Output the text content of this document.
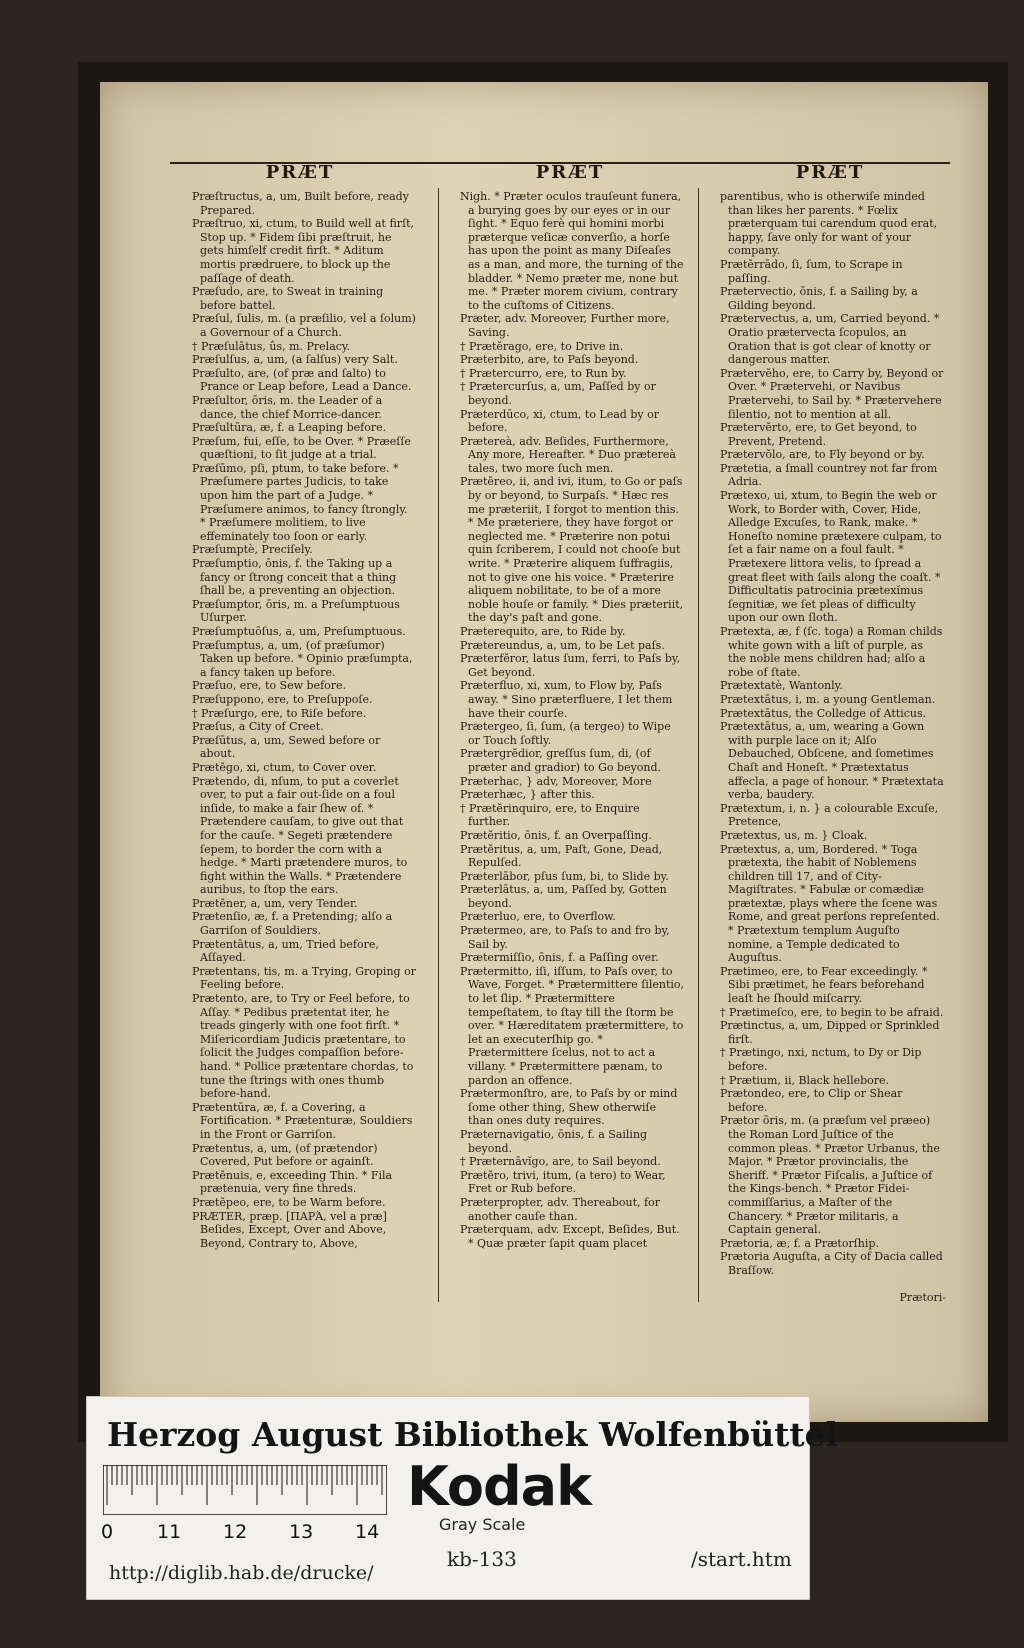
PRÆT	PRÆT	PRÆT

Præſtructus, a, um, Built before, ready Prepared.

Præſtruo, xi, ctum, to Build well at firſt, Stop up. * Fidem ſibi præſtruit, he gets himſelf credit firſt. * Aditum mortis prædruere, to block up the paſſage of death.

Præſudo, are, to Sweat in training before battel.

Præſul, ſulis, m. (a præſilio, vel a ſolum) a Governour of a Church.

† Præſulātus, ûs, m. Prelacy.

Præſulſus, a, um, (a ſalſus) very Salt.

Præſulto, are, (of præ and ſalto) to Prance or Leap before, Lead a Dance.

Præſultor, ōris, m. the Leader of a dance, the chief Morrice-dancer.

Præſultūra, æ, f. a Leaping before.

Præſum, fui, eſſe, to be Over. * Præeſſe quæſtioni, to ſit judge at a trial.

Præſūmo, pſi, ptum, to take before. * Præſumere partes Judicis, to take upon him the part of a Judge. * Præſumere animos, to fancy ſtrongly. * Præſumere molitiem, to live effeminately too ſoon or early.

Præſumptè, Preciſely.

Præſumptio, ōnis, f. the Taking up a fancy or ſtrong conceit that a thing ſhall be, a preventing an objection.

Præſumptor, ōris, m. a Preſumptuous Uſurper.

Præſumptuōſus, a, um, Preſumptuous.

Præſumptus, a, um, (of præſumor) Taken up before. * Opinio præſumpta, a fancy taken up before.

Præſuo, ere, to Sew before.

Præſuppono, ere, to Preſuppoſe.

† Præſurgo, ere, to Riſe before.

Præſus, a City of Creet.

Præſūtus, a, um, Sewed before or about.

Prætĕgo, xi, ctum, to Cover over.

Prætendo, di, nſum, to put a coverlet over, to put a fair out-ſide on a foul inſide, to make a fair ſhew of. * Prætendere cauſam, to give out that for the cauſe. * Segeti prætendere ſepem, to border the corn with a hedge. * Marti prætendere muros, to fight within the Walls. * Prætendere auribus, to ſtop the ears.

Prætĕner, a, um, very Tender.

Prætenſio, æ, f. a Pretending; alſo a Garriſon of Souldiers.

Prætentātus, a, um, Tried before, Aſſayed.

Prætentans, tis, m. a Trying, Groping or Feeling before.

Prætento, are, to Try or Feel before, to Aſſay. * Pedibus prætentat iter, he treads gingerly with one foot firſt. * Miſericordiam Judicis prætentare, to ſolicit the Judges compaſſion before-hand. * Pollice prætentare chordas, to tune the ſtrings with ones thumb before-hand.

Prætentūra, æ, f. a Covering, a Fortification. * Prætenturæ, Souldiers in the Front or Garriſon.

Prætentus, a, um, (of prætendor) Covered, Put before or againſt.

Prætĕnuis, e, exceeding Thin. * Fila prætenuia, very fine threds.

Prætĕpeo, ere, to be Warm before.

PRÆTER, præp. [ΠΑΡΆ, vel a præ] Beſides, Except, Over and Above, Beyond, Contrary to, Above,

Nigh. * Præter oculos trauſeunt funera, a burying goes by our eyes or in our ſight. * Equo ferè qui homini morbi præterque veſicæ converſio, a horſe has upon the point as many Diſeaſes as a man, and more, the turning of the bladder. * Nemo præter me, none but me. * Præter morem civium, contrary to the cuſtoms of Citizens.

Præter, adv. Moreover, Further more, Saving.

† Prætĕrago, ere, to Drive in.

Præterbito, are, to Paſs beyond.

† Prætercurro, ere, to Run by.

† Prætercurſus, a, um, Paſſed by or beyond.

Præterdūco, xi, ctum, to Lead by or before.

Prætereà, adv. Beſides, Furthermore, Any more, Hereafter. * Duo prætereà tales, two more ſuch men.

Prætĕreo, ii, and ivi, itum, to Go or paſs by or beyond, to Surpaſs. * Hæc res me præteriit, I forgot to mention this. * Me præteriere, they have forgot or neglected me. * Præterire non potui quin ſcriberem, I could not chooſe but write. * Præterire aliquem ſuffragiis, not to give one his voice. * Præterire aliquem nobilitate, to be of a more noble houſe or family. * Dies præteriit, the day's paſt and gone.

Præterequito, are, to Ride by.

Prætereundus, a, um, to be Let paſs.

Præterfĕror, latus ſum, ferri, to Paſs by, Get beyond.

Præterfluo, xi, xum, to Flow by, Paſs away. * Sino præterfluere, I let them have their courſe.

Prætergeo, ſi, ſum, (a tergeo) to Wipe or Touch ſoftly.

Prætergrĕdior, greſſus ſum, di, (of præter and gradior) to Go beyond.

Præterhac, } adv, Moreover, More

Præterhæc, } after this.

† Prætĕrinquiro, ere, to Enquire further.

Prætĕritio, ōnis, f. an Overpaſſing.

Prætĕritus, a, um, Paſt, Gone, Dead, Repulſed.

Præterlābor, pſus ſum, bi, to Slide by.

Præterlātus, a, um, Paſſed by, Gotten beyond.

Præterluo, ere, to Overflow.

Prætermeo, are, to Paſs to and fro by, Sail by.

Prætermiſſio, ōnis, f. a Paſſing over.

Prætermitto, iſi, iſſum, to Paſs over, to Wave, Forget. * Prætermittere ſilentio, to let ſlip. * Prætermittere tempeſtatem, to ſtay till the ſtorm be over. * Hæreditatem prætermittere, to let an executerſhip go. * Prætermittere ſcelus, not to act a villany. * Prætermittere pænam, to pardon an offence.

Prætermonſtro, are, to Paſs by or mind ſome other thing, Shew otherwiſe than ones duty requires.

Præternavigatio, ōnis, f. a Sailing beyond.

† Præternāvĭgo, are, to Sail beyond.

Prætĕro, trivi, itum, (a tero) to Wear, Fret or Rub before.

Præterpropter, adv. Thereabout, for another cauſe than.

Præterquam, adv. Except, Beſides, But. * Quæ præter ſapit quam placet

parentibus, who is otherwiſe minded than likes her parents. * Fœlix præterquam tui carendum quod erat, happy, ſave only for want of your company.

Prætĕrrādo, ſi, ſum, to Scrape in paſſing.

Prætervectio, ōnis, f. a Sailing by, a Gilding beyond.

Prætervectus, a, um, Carried beyond. * Oratio prætervecta ſcopulos, an Oration that is got clear of knotty or dangerous matter.

Prætervĕho, ere, to Carry by, Beyond or Over. * Prætervehi, or Navibus Prætervehi, to Sail by. * Prætervehere ſilentio, not to mention at all.

Prætervĕrto, ere, to Get beyond, to Prevent, Pretend.

Prætervŏlo, are, to Fly beyond or by.

Prætetia, a ſmall countrey not far from Adria.

Prætexo, ui, xtum, to Begin the web or Work, to Border with, Cover, Hide, Alledge Excuſes, to Rank, make. * Honeſto nomine prætexere culpam, to ſet a fair name on a foul fault. * Prætexere littora velis, to ſpread a great fleet with ſails along the coaſt. * Difficultatis patrocinia prætexĭmus ſegnitiæ, we ſet pleas of difficulty upon our own ſloth.

Prætexta, æ, f (ſc. toga) a Roman childs white gown with a liſt of purple, as the noble mens children had; alſo a robe of ſtate.

Prætextatè, Wantonly.

Prætextātus, i, m. a young Gentleman.

Prætextātus, the Colledge of Atticus.

Prætextātus, a, um, wearing a Gown with purple lace on it; Alſo Debauched, Obſcene, and ſometimes Chaſt and Honeſt. * Prætextatus affecla, a page of honour. * Prætextata verba, baudery.

Prætextum, i, n. } a colourable Excuſe, Pretence,

Prætextus, us, m. } Cloak.

Prætextus, a, um, Bordered. * Toga prætexta, the habit of Noblemens children till 17, and of City-Magiſtrates. * Fabulæ or comædiæ prætextæ, plays where the ſcene was Rome, and great perſons repreſented. * Prætextum templum Auguſto nomine, a Temple dedicated to Auguſtus.

Prætimeo, ere, to Fear exceedingly. * Sibi prætimet, he fears beforehand leaſt he ſhould miſcarry.

† Prætimeſco, ere, to begin to be afraid.

Prætinctus, a, um, Dipped or Sprinkled firſt.

† Prætingo, nxi, nctum, to Dy or Dip before.

† Prætium, ii, Black hellebore.

Prætondeo, ere, to Clip or Shear before.

Prætor ōris, m. (a præſum vel præeo) the Roman Lord Juſtice of the common pleas. * Prætor Urbanus, the Major. * Prætor provincialis, the Sheriff. * Prætor Fiſcalis, a Juſtice of the Kings-bench. * Prætor Fidei-commiſſarius, a Maſter of the Chancery. * Prætor militaris, a Captain general.

Prætoria, æ, f. a Prætorſhip.

Prætoria Auguſta, a City of Dacia called Braſſow.

Prætori-
Herzog August Bibliothek Wolfenbüttel
0 11 12 13 14
Kodak
Gray Scale
kb-133
http://diglib.hab.de/drucke/
/start.htm
